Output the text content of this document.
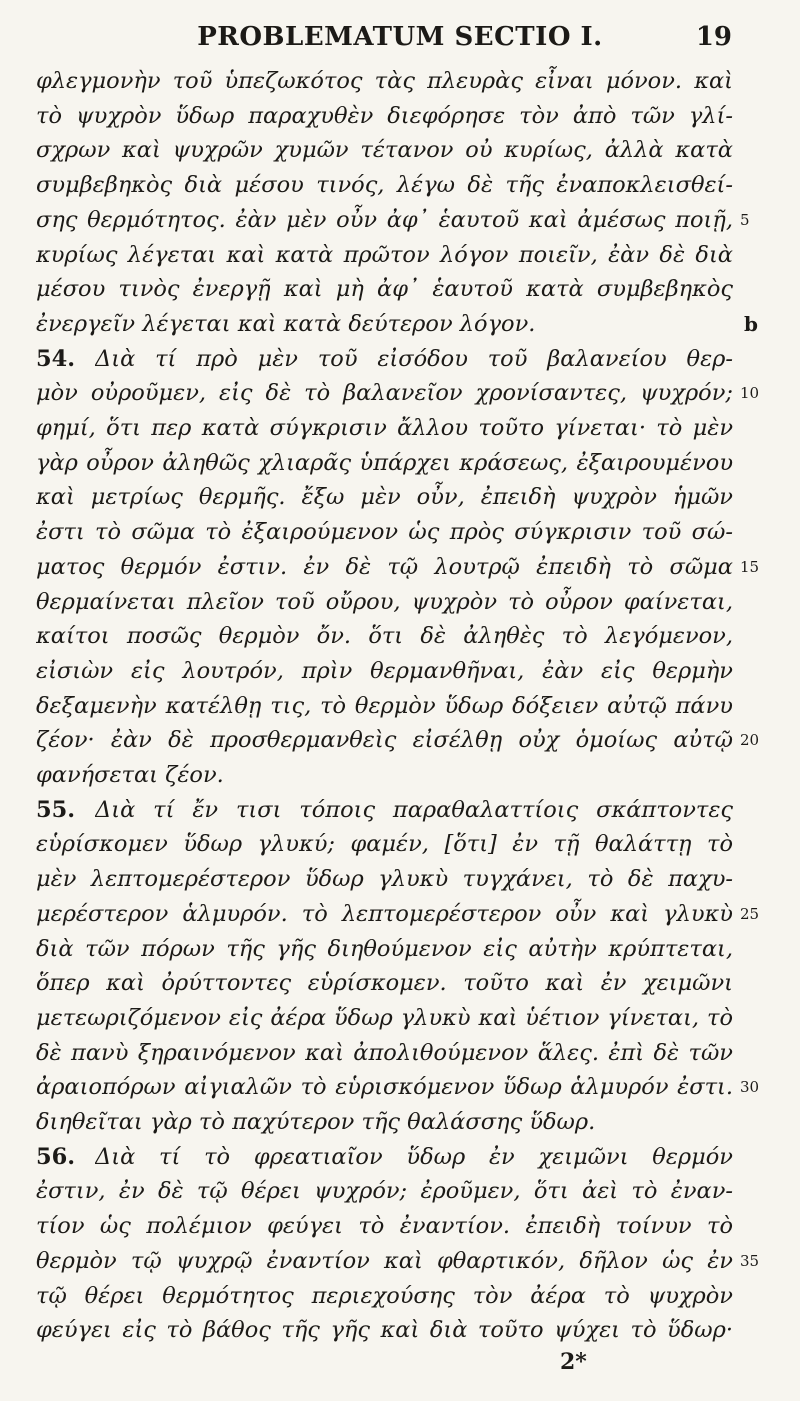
PROBLEMATUM SECTIO I.	19
φλεγμονὴν τοῦ ὑπεζωκότος τὰς πλευρὰς εἶναι μόνον. καὶ
τὸ ψυχρὸν ὕδωρ παραχυθὲν διεφόρησε τὸν ἀπὸ τῶν γλί-
σχρων καὶ ψυχρῶν χυμῶν τέτανον οὐ κυρίως, ἀλλὰ κατὰ
συμβεβηκὸς διὰ μέσου τινός, λέγω δὲ τῆς ἐναποκλεισθεί-
σης θερμότητος. ἐὰν μὲν οὖν ἀφ᾽ ἑαυτοῦ καὶ ἀμέσως ποιῇ, 5
κυρίως λέγεται καὶ κατὰ πρῶτον λόγον ποιεῖν, ἐὰν δὲ διὰ
μέσου τινὸς ἐνεργῇ καὶ μὴ ἀφ᾽ ἑαυτοῦ κατὰ συμβεβηκὸς
ἐνεργεῖν λέγεται καὶ κατὰ δεύτερον λόγον.	b
54. Διὰ τί πρὸ μὲν τοῦ εἰσόδου τοῦ βαλανείου θερ-
μὸν οὐροῦμεν, εἰς δὲ τὸ βαλανεῖον χρονίσαντες, ψυχρόν; 10
φημί, ὅτι περ κατὰ σύγκρισιν ἄλλου τοῦτο γίνεται· τὸ μὲν
γὰρ οὖρον ἀληθῶς χλιαρᾶς ὑπάρχει κράσεως, ἐξαιρουμένου
καὶ μετρίως θερμῆς. ἔξω μὲν οὖν, ἐπειδὴ ψυχρὸν ἡμῶν
ἐστι τὸ σῶμα τὸ ἐξαιρούμενον ὡς πρὸς σύγκρισιν τοῦ σώ-
ματος θερμόν ἐστιν. ἐν δὲ τῷ λουτρῷ ἐπειδὴ τὸ σῶμα 15
θερμαίνεται πλεῖον τοῦ οὔρου, ψυχρὸν τὸ οὖρον φαίνεται,
καίτοι ποσῶς θερμὸν ὄν. ὅτι δὲ ἀληθὲς τὸ λεγόμενον,
εἰσιὼν εἰς λουτρόν, πρὶν θερμανθῆναι, ἐὰν εἰς θερμὴν
δεξαμενὴν κατέλθῃ τις, τὸ θερμὸν ὕδωρ δόξειεν αὐτῷ πάνυ
ζέον· ἐὰν δὲ προσθερμανθεὶς εἰσέλθῃ οὐχ ὁμοίως αὐτῷ 20
φανήσεται ζέον.
55. Διὰ τί ἔν τισι τόποις παραθαλαττίοις σκάπτοντες
εὑρίσκομεν ὕδωρ γλυκύ; φαμέν, [ὅτι] ἐν τῇ θαλάττῃ τὸ
μὲν λεπτομερέστερον ὕδωρ γλυκὺ τυγχάνει, τὸ δὲ παχυ-
μερέστερον ἁλμυρόν. τὸ λεπτομερέστερον οὖν καὶ γλυκὺ 25
διὰ τῶν πόρων τῆς γῆς διηθούμενον εἰς αὐτὴν κρύπτεται,
ὅπερ καὶ ὀρύττοντες εὑρίσκομεν. τοῦτο καὶ ἐν χειμῶνι
μετεωριζόμενον εἰς ἀέρα ὕδωρ γλυκὺ καὶ ὑέτιον γίνεται, τὸ
δὲ πανὺ ξηραινόμενον καὶ ἀπολιθούμενον ἅλες. ἐπὶ δὲ τῶν
ἀραιοπόρων αἰγιαλῶν τὸ εὑρισκόμενον ὕδωρ ἁλμυρόν ἐστι. 30
διηθεῖται γὰρ τὸ παχύτερον τῆς θαλάσσης ὕδωρ.
56. Διὰ τί τὸ φρεατιαῖον ὕδωρ ἐν χειμῶνι θερμόν
ἐστιν, ἐν δὲ τῷ θέρει ψυχρόν; ἐροῦμεν, ὅτι ἀεὶ τὸ ἐναν-
τίον ὡς πολέμιον φεύγει τὸ ἐναντίον. ἐπειδὴ τοίνυν τὸ
θερμὸν τῷ ψυχρῷ ἐναντίον καὶ φθαρτικόν, δῆλον ὡς ἐν 35
τῷ θέρει θερμότητος περιεχούσης τὸν ἀέρα τὸ ψυχρὸν
φεύγει εἰς τὸ βάθος τῆς γῆς καὶ διὰ τοῦτο ψύχει τὸ ὕδωρ·
2*
